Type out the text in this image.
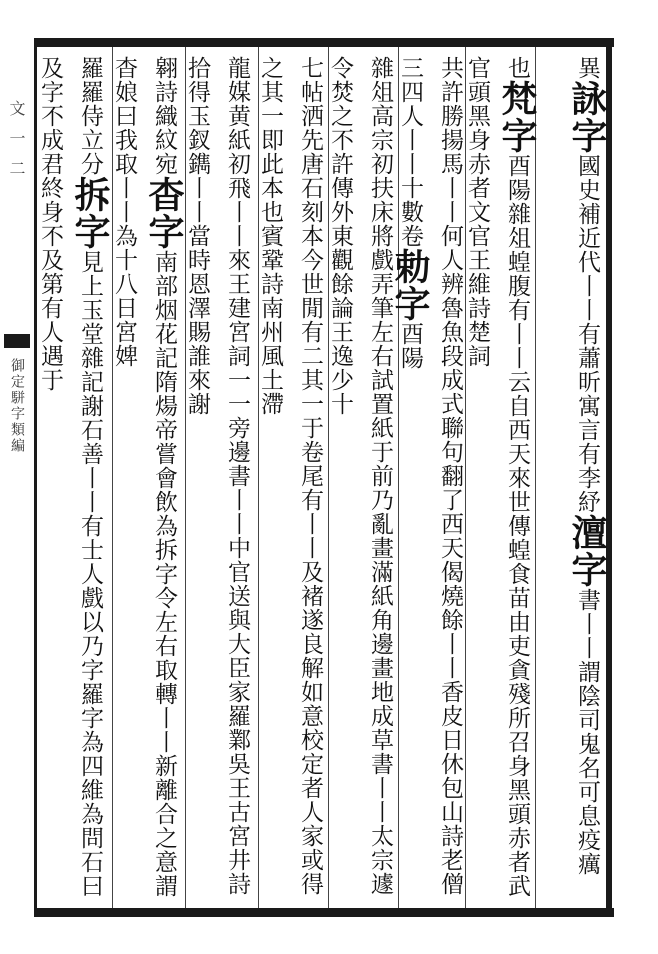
文一二
御定駢字類編
異詠字國史補近代丨丨有蕭昕寓言有李紓澶字書丨丨謂陰司鬼名可息疫癘
也梵字酉陽雜俎蝗腹有丨丨云自西天來世傳蝗食苗由吏貪殘所召身黑頭赤者武官頭黑身赤者文官王維詩楚詞
共許勝揚馬丨丨何人辨魯魚段成式聯句翻了西天偈燒餘丨丨香皮日休包山詩老僧三四人丨丨十數卷勅字酉陽
雜俎高宗初扶床將戲弄筆左右試置紙于前乃亂畫滿紙角邊畫地成草書丨丨太宗遽令焚之不許傳外東觀餘論王逸少十
七帖洒先唐石刻本今世閒有二其一于卷尾有丨丨及褚遂良解如意校定者人家或得之其一即此本也賓鞏詩南州風土滯
龍媒黄紙初飛丨丨來王建宮詞一一旁邊書丨丨中官送與大臣家羅鄴吳王古宮井詩拾得玉釵鐫丨丨當時恩澤賜誰來謝
翱詩織紋宛杳字南部烟花記隋煬帝嘗會飲為拆字令左右取轉丨丨新離合之意謂杳娘曰我取丨丨為十八日宮婢
羅羅侍立分拆字見上玉堂雜記謝石善丨丨有士人戲以乃字羅字為四維為問石曰及字不成君終身不及第有人遇于
